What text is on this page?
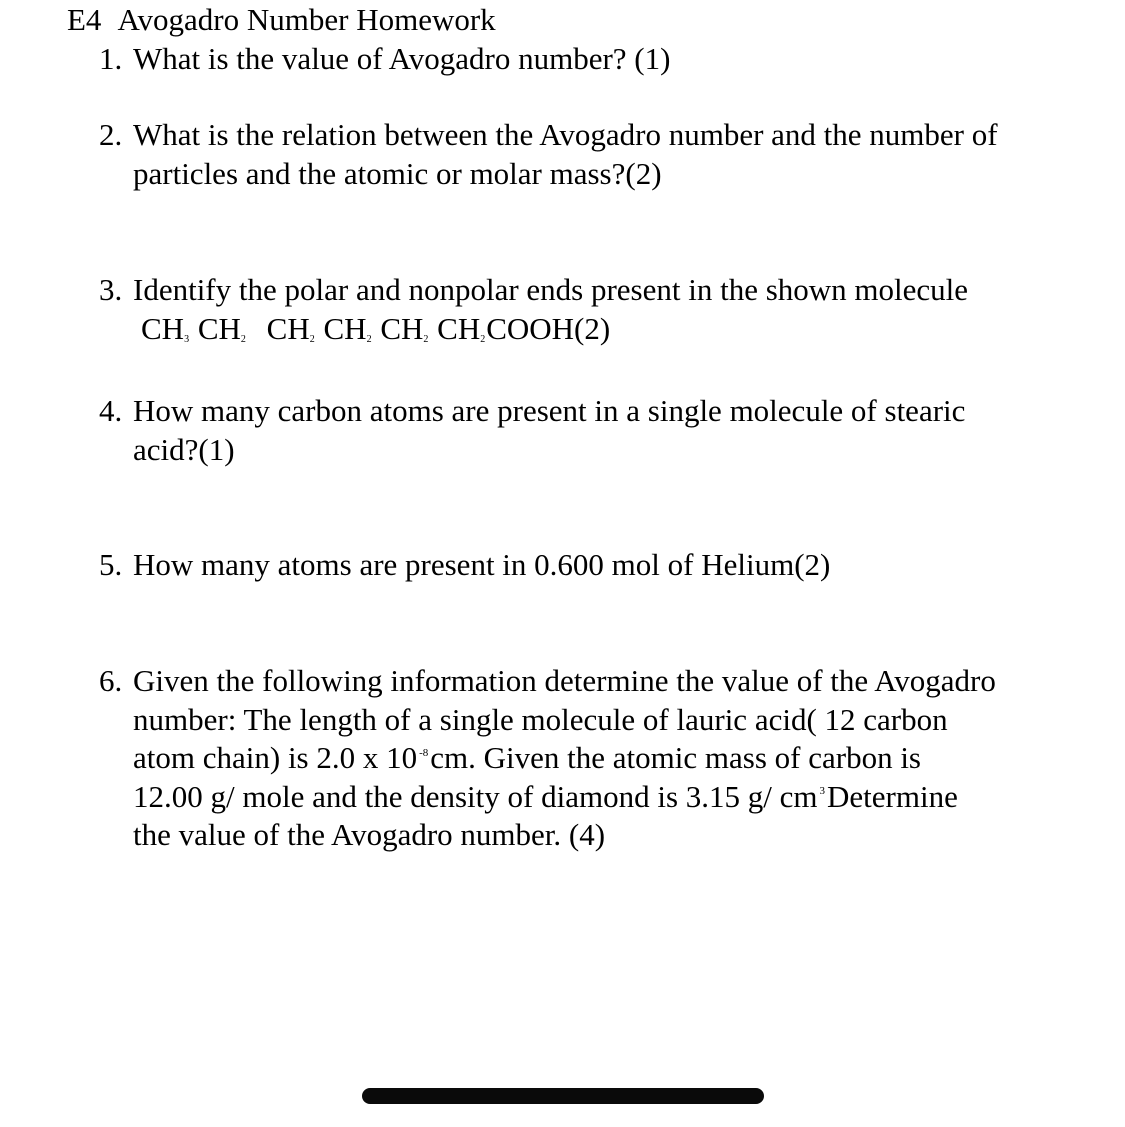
E4 Avogadro Number Homework
1. What is the value of Avogadro number? (1)
2. What is the relation between the Avogadro number and the number of
particles and the atomic or molar mass?(2)
3. Identify the polar and nonpolar ends present in the shown molecule
$CH_3$ $CH_2$ $CH_2$ $CH_2$ $CH_2$ $CH_2COOH(2)$
4. How many carbon atoms are present in a single molecule of stearic
acid?(1)
5. How many atoms are present in 0.600 mol of Helium(2)
6. Given the following information determine the value of the Avogadro
number: The length of a single molecule of lauric acid( 12 carbon
atom chain) is 2.0 x 10 $^{-8}$cm. Given the atomic mass of carbon is
12.00 g/ mole and the density of diamond is 3.15 g/ cm $^3$Determine
the value of the Avogadro number. (4)
